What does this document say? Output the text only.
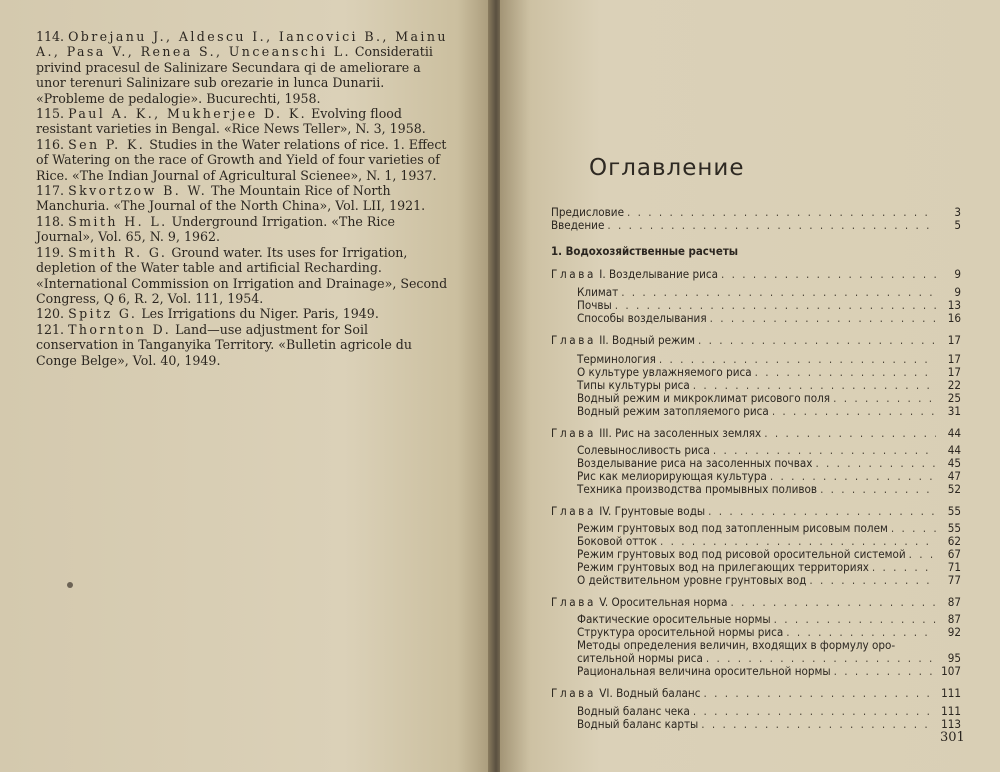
114. Obrejanu J., Aldescu I., Iancovici B., Mainu A., Pasa V., Renea S., Unceanschi L. Consideratii privind pracesul de Salinizare Secundara qi de ameliorare a unor terenuri Salinizare sub orezarie in lunca Dunarii. «Probleme de pedalogie». Bucurechti, 1958.
115. Paul A. K., Mukherjee D. K. Evolving flood resistant varieties in Bengal. «Rice News Teller», N. 3, 1958.
116. Sen P. K. Studies in the Water relations of rice. 1. Effect of Watering on the race of Growth and Yield of four varieties of Rice. «The Indian Journal of Agricultural Scienee», N. 1, 1937.
117. Skvortzow B. W. The Mountain Rice of North Manchuria. «The Journal of the North China», Vol. LII, 1921.
118. Smith H. L. Underground Irrigation. «The Rice Journal», Vol. 65, N. 9, 1962.
119. Smith R. G. Ground water. Its uses for Irrigation, depletion of the Water table and artificial Recharding. «International Commission on Irrigation and Drainage», Second Congress, Q 6, R. 2, Vol. 111, 1954.
120. Spitz G. Les Irrigations du Niger. Paris, 1949.
121. Thornton D. Land—use adjustment for Soil conservation in Tanganyika Territory. «Bulletin agricole du Conge Belge», Vol. 40, 1949.
Оглавление
Предисловие . . .	3
Введение . . .	5
1. Водохозяйственные расчеты
Глава I. Возделывание риса . . .	9
Климат . . .	9
Почвы . . .	13
Способы возделывания . . .	16
Глава II. Водный режим . . .	17
Терминология . . .	17
О культуре увлажняемого риса . . .	17
Типы культуры риса . . .	22
Водный режим и микроклимат рисового поля . . .	25
Водный режим затопляемого риса . . .	31
Глава III. Рис на засоленных землях . . .	44
Солевыносливость риса . . .	44
Возделывание риса на засоленных почвах . . .	45
Рис как мелиорирующая культура . . .	47
Техника производства промывных поливов . . .	52
Глава IV. Грунтовые воды . . .	55
Режим грунтовых вод под затопленным рисовым полем . . .	55
Боковой отток . . .	62
Режим грунтовых вод под рисовой оросительной системой . . .	67
Режим грунтовых вод на прилегающих территориях . . .	71
О действительном уровне грунтовых вод . . .	77
Глава V. Оросительная норма . . .	87
Фактические оросительные нормы . . .	87
Структура оросительной нормы риса . . .	92
Методы определения величин, входящих в формулу оро-
сительной нормы риса . . .	95
Рациональная величина оросительной нормы . . .	107
Глава VI. Водный баланс . . .	111
Водный баланс чека . . .	111
Водный баланс карты . . .	113
301
